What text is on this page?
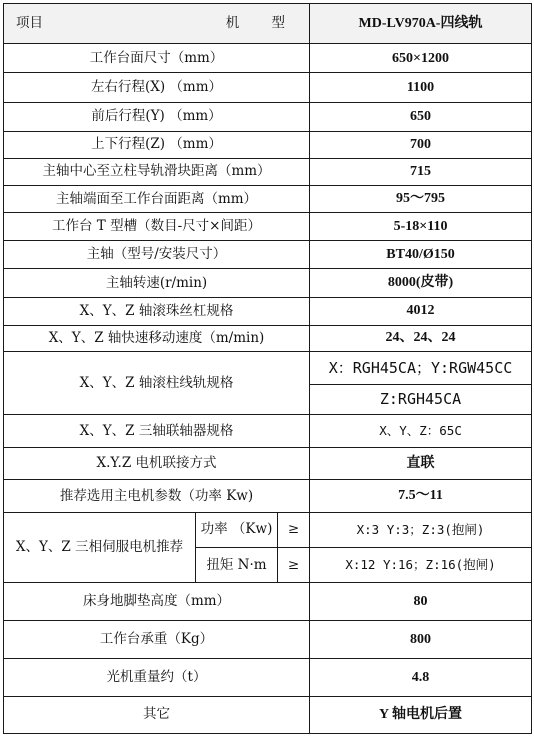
项目 机 型			MD-LV970A-四线轨
工作台面尺寸（mm）			650×1200
左右行程(X) （mm）			1100
前后行程(Y) （mm）			650
上下行程(Z) （mm）			700
主轴中心至立柱导轨滑块距离（mm）			715
主轴端面至工作台面距离（mm）			95～795
工作台 T 型槽（数目-尺寸×间距）			5-18×110
主轴（型号/安装尺寸）			BT40/Ø150
主轴转速(r/min)			8000(皮带)
X、Y、Z 轴滚珠丝杠规格			4012
X、Y、Z 轴快速移动速度（m/min)			24、24、24
X、Y、Z 轴滚柱线轨规格			X：RGH45CA；Y:RGW45CC
			Z:RGH45CA
X、Y、Z 三轴联轴器规格			X、Y、Z：65C
X.Y.Z 电机联接方式			直联
推荐选用主电机参数（功率 Kw)			7.5～11
X、Y、Z 三相伺服电机推荐	功率 （Kw)	≥	X:3 Y:3；Z:3(抱闸)
	扭矩 N·m	≥	X:12 Y:16；Z:16(抱闸)
床身地脚垫高度（mm）			80
工作台承重（Kg）			800
光机重量约（t）			4.8
其它			Y 轴电机后置
